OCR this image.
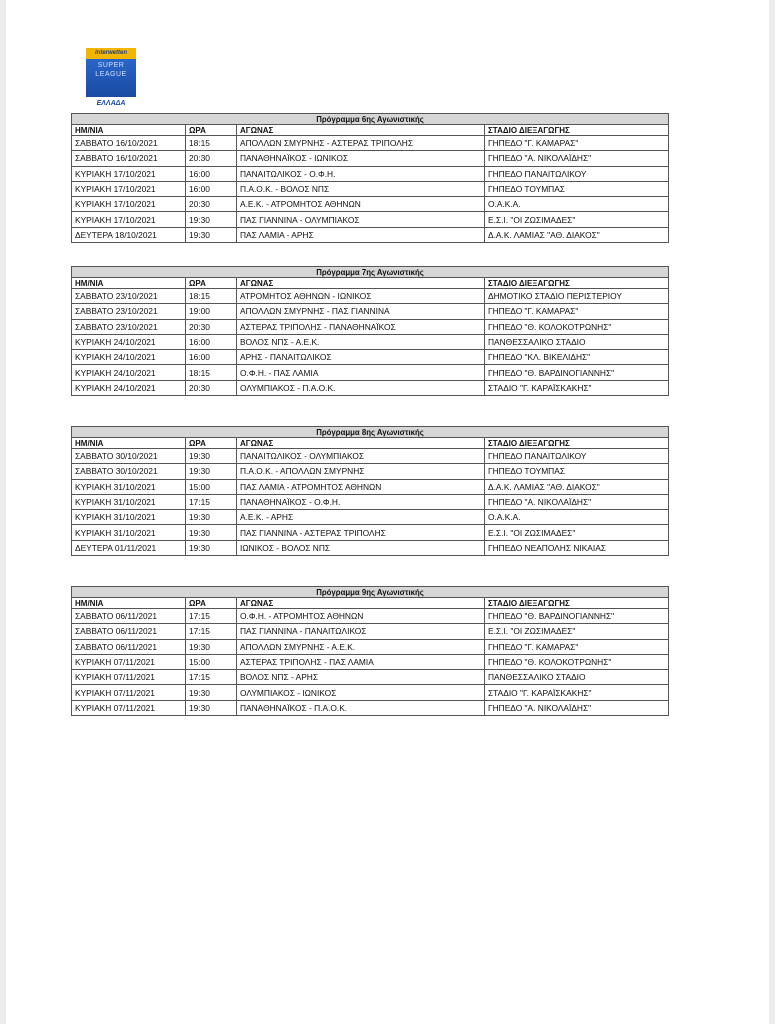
interwetten
SUPER LEAGUE
ΕΛΛΑΔΑ
Πρόγραμμα 6ης Αγωνιστικής			
ΗΜ/ΝΙΑ	ΩΡΑ	ΑΓΩΝΑΣ	ΣΤΑΔΙΟ ΔΙΕΞΑΓΩΓΗΣ
ΣΑΒΒΑΤΟ 16/10/2021	18:15	ΑΠΟΛΛΩΝ ΣΜΥΡΝΗΣ - ΑΣΤΕΡΑΣ ΤΡΙΠΟΛΗΣ	ΓΗΠΕΔΟ "Γ. ΚΑΜΑΡΑΣ"
ΣΑΒΒΑΤΟ 16/10/2021	20:30	ΠΑΝΑΘΗΝΑΪΚΟΣ - ΙΩΝΙΚΟΣ	ΓΗΠΕΔΟ "Α. ΝΙΚΟΛΑΪΔΗΣ"
ΚΥΡΙΑΚΗ 17/10/2021	16:00	ΠΑΝΑΙΤΩΛΙΚΟΣ - Ο.Φ.Η.	ΓΗΠΕΔΟ ΠΑΝΑΙΤΩΛΙΚΟΥ
ΚΥΡΙΑΚΗ 17/10/2021	16:00	Π.Α.Ο.Κ. - ΒΟΛΟΣ ΝΠΣ	ΓΗΠΕΔΟ ΤΟΥΜΠΑΣ
ΚΥΡΙΑΚΗ 17/10/2021	20:30	Α.Ε.Κ. - ΑΤΡΟΜΗΤΟΣ ΑΘΗΝΩΝ	Ο.Α.Κ.Α.
ΚΥΡΙΑΚΗ 17/10/2021	19:30	ΠΑΣ ΓΙΑΝΝΙΝΑ - ΟΛΥΜΠΙΑΚΟΣ	Ε.Σ.Ι. "ΟΙ ΖΩΣΙΜΑΔΕΣ"
ΔΕΥΤΕΡΑ 18/10/2021	19:30	ΠΑΣ ΛΑΜΙΑ - ΑΡΗΣ	Δ.Α.Κ. ΛΑΜΙΑΣ "ΑΘ. ΔΙΑΚΟΣ"
Πρόγραμμα 7ης Αγωνιστικής			
ΗΜ/ΝΙΑ	ΩΡΑ	ΑΓΩΝΑΣ	ΣΤΑΔΙΟ ΔΙΕΞΑΓΩΓΗΣ
ΣΑΒΒΑΤΟ 23/10/2021	18:15	ΑΤΡΟΜΗΤΟΣ ΑΘΗΝΩΝ - ΙΩΝΙΚΟΣ	ΔΗΜΟΤΙΚΟ ΣΤΑΔΙΟ ΠΕΡΙΣΤΕΡΙΟΥ
ΣΑΒΒΑΤΟ 23/10/2021	19:00	ΑΠΟΛΛΩΝ ΣΜΥΡΝΗΣ - ΠΑΣ ΓΙΑΝΝΙΝΑ	ΓΗΠΕΔΟ "Γ. ΚΑΜΑΡΑΣ"
ΣΑΒΒΑΤΟ 23/10/2021	20:30	ΑΣΤΕΡΑΣ ΤΡΙΠΟΛΗΣ - ΠΑΝΑΘΗΝΑΪΚΟΣ	ΓΗΠΕΔΟ "Θ. ΚΟΛΟΚΟΤΡΩΝΗΣ"
ΚΥΡΙΑΚΗ 24/10/2021	16:00	ΒΟΛΟΣ ΝΠΣ - Α.Ε.Κ.	ΠΑΝΘΕΣΣΑΛΙΚΟ ΣΤΑΔΙΟ
ΚΥΡΙΑΚΗ 24/10/2021	16:00	ΑΡΗΣ - ΠΑΝΑΙΤΩΛΙΚΟΣ	ΓΗΠΕΔΟ "ΚΛ. ΒΙΚΕΛΙΔΗΣ"
ΚΥΡΙΑΚΗ 24/10/2021	18:15	Ο.Φ.Η. - ΠΑΣ ΛΑΜΙΑ	ΓΗΠΕΔΟ "Θ. ΒΑΡΔΙΝΟΓΙΑΝΝΗΣ"
ΚΥΡΙΑΚΗ 24/10/2021	20:30	ΟΛΥΜΠΙΑΚΟΣ - Π.Α.Ο.Κ.	ΣΤΑΔΙΟ "Γ. ΚΑΡΑΪΣΚΑΚΗΣ"
Πρόγραμμα 8ης Αγωνιστικής			
ΗΜ/ΝΙΑ	ΩΡΑ	ΑΓΩΝΑΣ	ΣΤΑΔΙΟ ΔΙΕΞΑΓΩΓΗΣ
ΣΑΒΒΑΤΟ 30/10/2021	19:30	ΠΑΝΑΙΤΩΛΙΚΟΣ - ΟΛΥΜΠΙΑΚΟΣ	ΓΗΠΕΔΟ ΠΑΝΑΙΤΩΛΙΚΟΥ
ΣΑΒΒΑΤΟ 30/10/2021	19:30	Π.Α.Ο.Κ. - ΑΠΟΛΛΩΝ ΣΜΥΡΝΗΣ	ΓΗΠΕΔΟ ΤΟΥΜΠΑΣ
ΚΥΡΙΑΚΗ 31/10/2021	15:00	ΠΑΣ ΛΑΜΙΑ - ΑΤΡΟΜΗΤΟΣ ΑΘΗΝΩΝ	Δ.Α.Κ. ΛΑΜΙΑΣ "ΑΘ. ΔΙΑΚΟΣ"
ΚΥΡΙΑΚΗ 31/10/2021	17:15	ΠΑΝΑΘΗΝΑΪΚΟΣ - Ο.Φ.Η.	ΓΗΠΕΔΟ "Α. ΝΙΚΟΛΑΪΔΗΣ"
ΚΥΡΙΑΚΗ 31/10/2021	19:30	Α.Ε.Κ. - ΑΡΗΣ	Ο.Α.Κ.Α.
ΚΥΡΙΑΚΗ 31/10/2021	19:30	ΠΑΣ ΓΙΑΝΝΙΝΑ - ΑΣΤΕΡΑΣ ΤΡΙΠΟΛΗΣ	Ε.Σ.Ι. "ΟΙ ΖΩΣΙΜΑΔΕΣ"
ΔΕΥΤΕΡΑ 01/11/2021	19:30	ΙΩΝΙΚΟΣ - ΒΟΛΟΣ ΝΠΣ	ΓΗΠΕΔΟ ΝΕΑΠΟΛΗΣ ΝΙΚΑΙΑΣ
Πρόγραμμα 9ης Αγωνιστικής			
ΗΜ/ΝΙΑ	ΩΡΑ	ΑΓΩΝΑΣ	ΣΤΑΔΙΟ ΔΙΕΞΑΓΩΓΗΣ
ΣΑΒΒΑΤΟ 06/11/2021	17:15	Ο.Φ.Η. - ΑΤΡΟΜΗΤΟΣ ΑΘΗΝΩΝ	ΓΗΠΕΔΟ "Θ. ΒΑΡΔΙΝΟΓΙΑΝΝΗΣ"
ΣΑΒΒΑΤΟ 06/11/2021	17:15	ΠΑΣ ΓΙΑΝΝΙΝΑ - ΠΑΝΑΙΤΩΛΙΚΟΣ	Ε.Σ.Ι. "ΟΙ ΖΩΣΙΜΑΔΕΣ"
ΣΑΒΒΑΤΟ 06/11/2021	19:30	ΑΠΟΛΛΩΝ ΣΜΥΡΝΗΣ - Α.Ε.Κ.	ΓΗΠΕΔΟ "Γ. ΚΑΜΑΡΑΣ"
ΚΥΡΙΑΚΗ 07/11/2021	15:00	ΑΣΤΕΡΑΣ ΤΡΙΠΟΛΗΣ - ΠΑΣ ΛΑΜΙΑ	ΓΗΠΕΔΟ "Θ. ΚΟΛΟΚΟΤΡΩΝΗΣ"
ΚΥΡΙΑΚΗ 07/11/2021	17:15	ΒΟΛΟΣ ΝΠΣ - ΑΡΗΣ	ΠΑΝΘΕΣΣΑΛΙΚΟ ΣΤΑΔΙΟ
ΚΥΡΙΑΚΗ 07/11/2021	19:30	ΟΛΥΜΠΙΑΚΟΣ - ΙΩΝΙΚΟΣ	ΣΤΑΔΙΟ "Γ. ΚΑΡΑΪΣΚΑΚΗΣ"
ΚΥΡΙΑΚΗ 07/11/2021	19:30	ΠΑΝΑΘΗΝΑΪΚΟΣ - Π.Α.Ο.Κ.	ΓΗΠΕΔΟ "Α. ΝΙΚΟΛΑΪΔΗΣ"
